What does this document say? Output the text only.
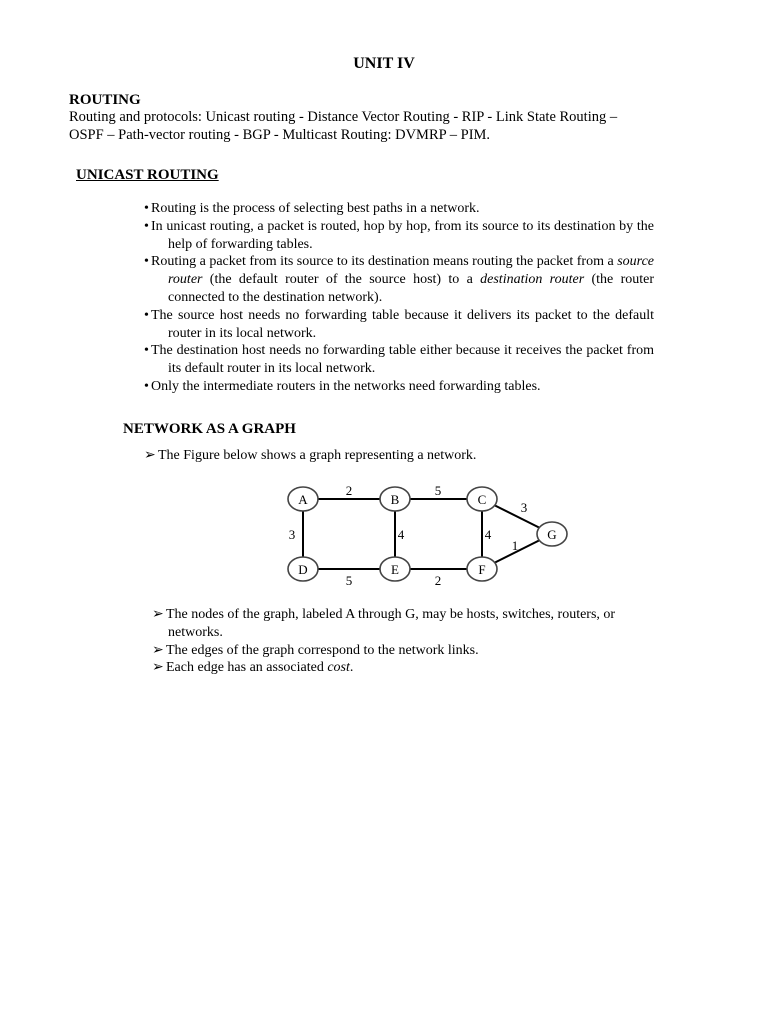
UNIT IV
ROUTING
Routing and protocols: Unicast routing - Distance Vector Routing - RIP - Link State Routing –
OSPF – Path-vector routing - BGP - Multicast Routing: DVMRP – PIM.
UNICAST ROUTING
• Routing is the process of selecting best paths in a network.
• In unicast routing, a packet is routed, hop by hop, from its source to its destination by the help of forwarding tables.
• Routing a packet from its source to its destination means routing the packet from a source router (the default router of the source host) to a destination router (the router connected to the destination network).
• The source host needs no forwarding table because it delivers its packet to the default router in its local network.
• The destination host needs no forwarding table either because it receives the packet from its default router in its local network.
• Only the intermediate routers in the networks need forwarding tables.
NETWORK AS A GRAPH
➢ The Figure below shows a graph representing a network.
A	B	C
D	E	F
G
2	5
3	4	4
5	2
3
1
➢ The nodes of the graph, labeled A through G, may be hosts, switches, routers, or networks.
➢ The edges of the graph correspond to the network links.
➢ Each edge has an associated cost.
